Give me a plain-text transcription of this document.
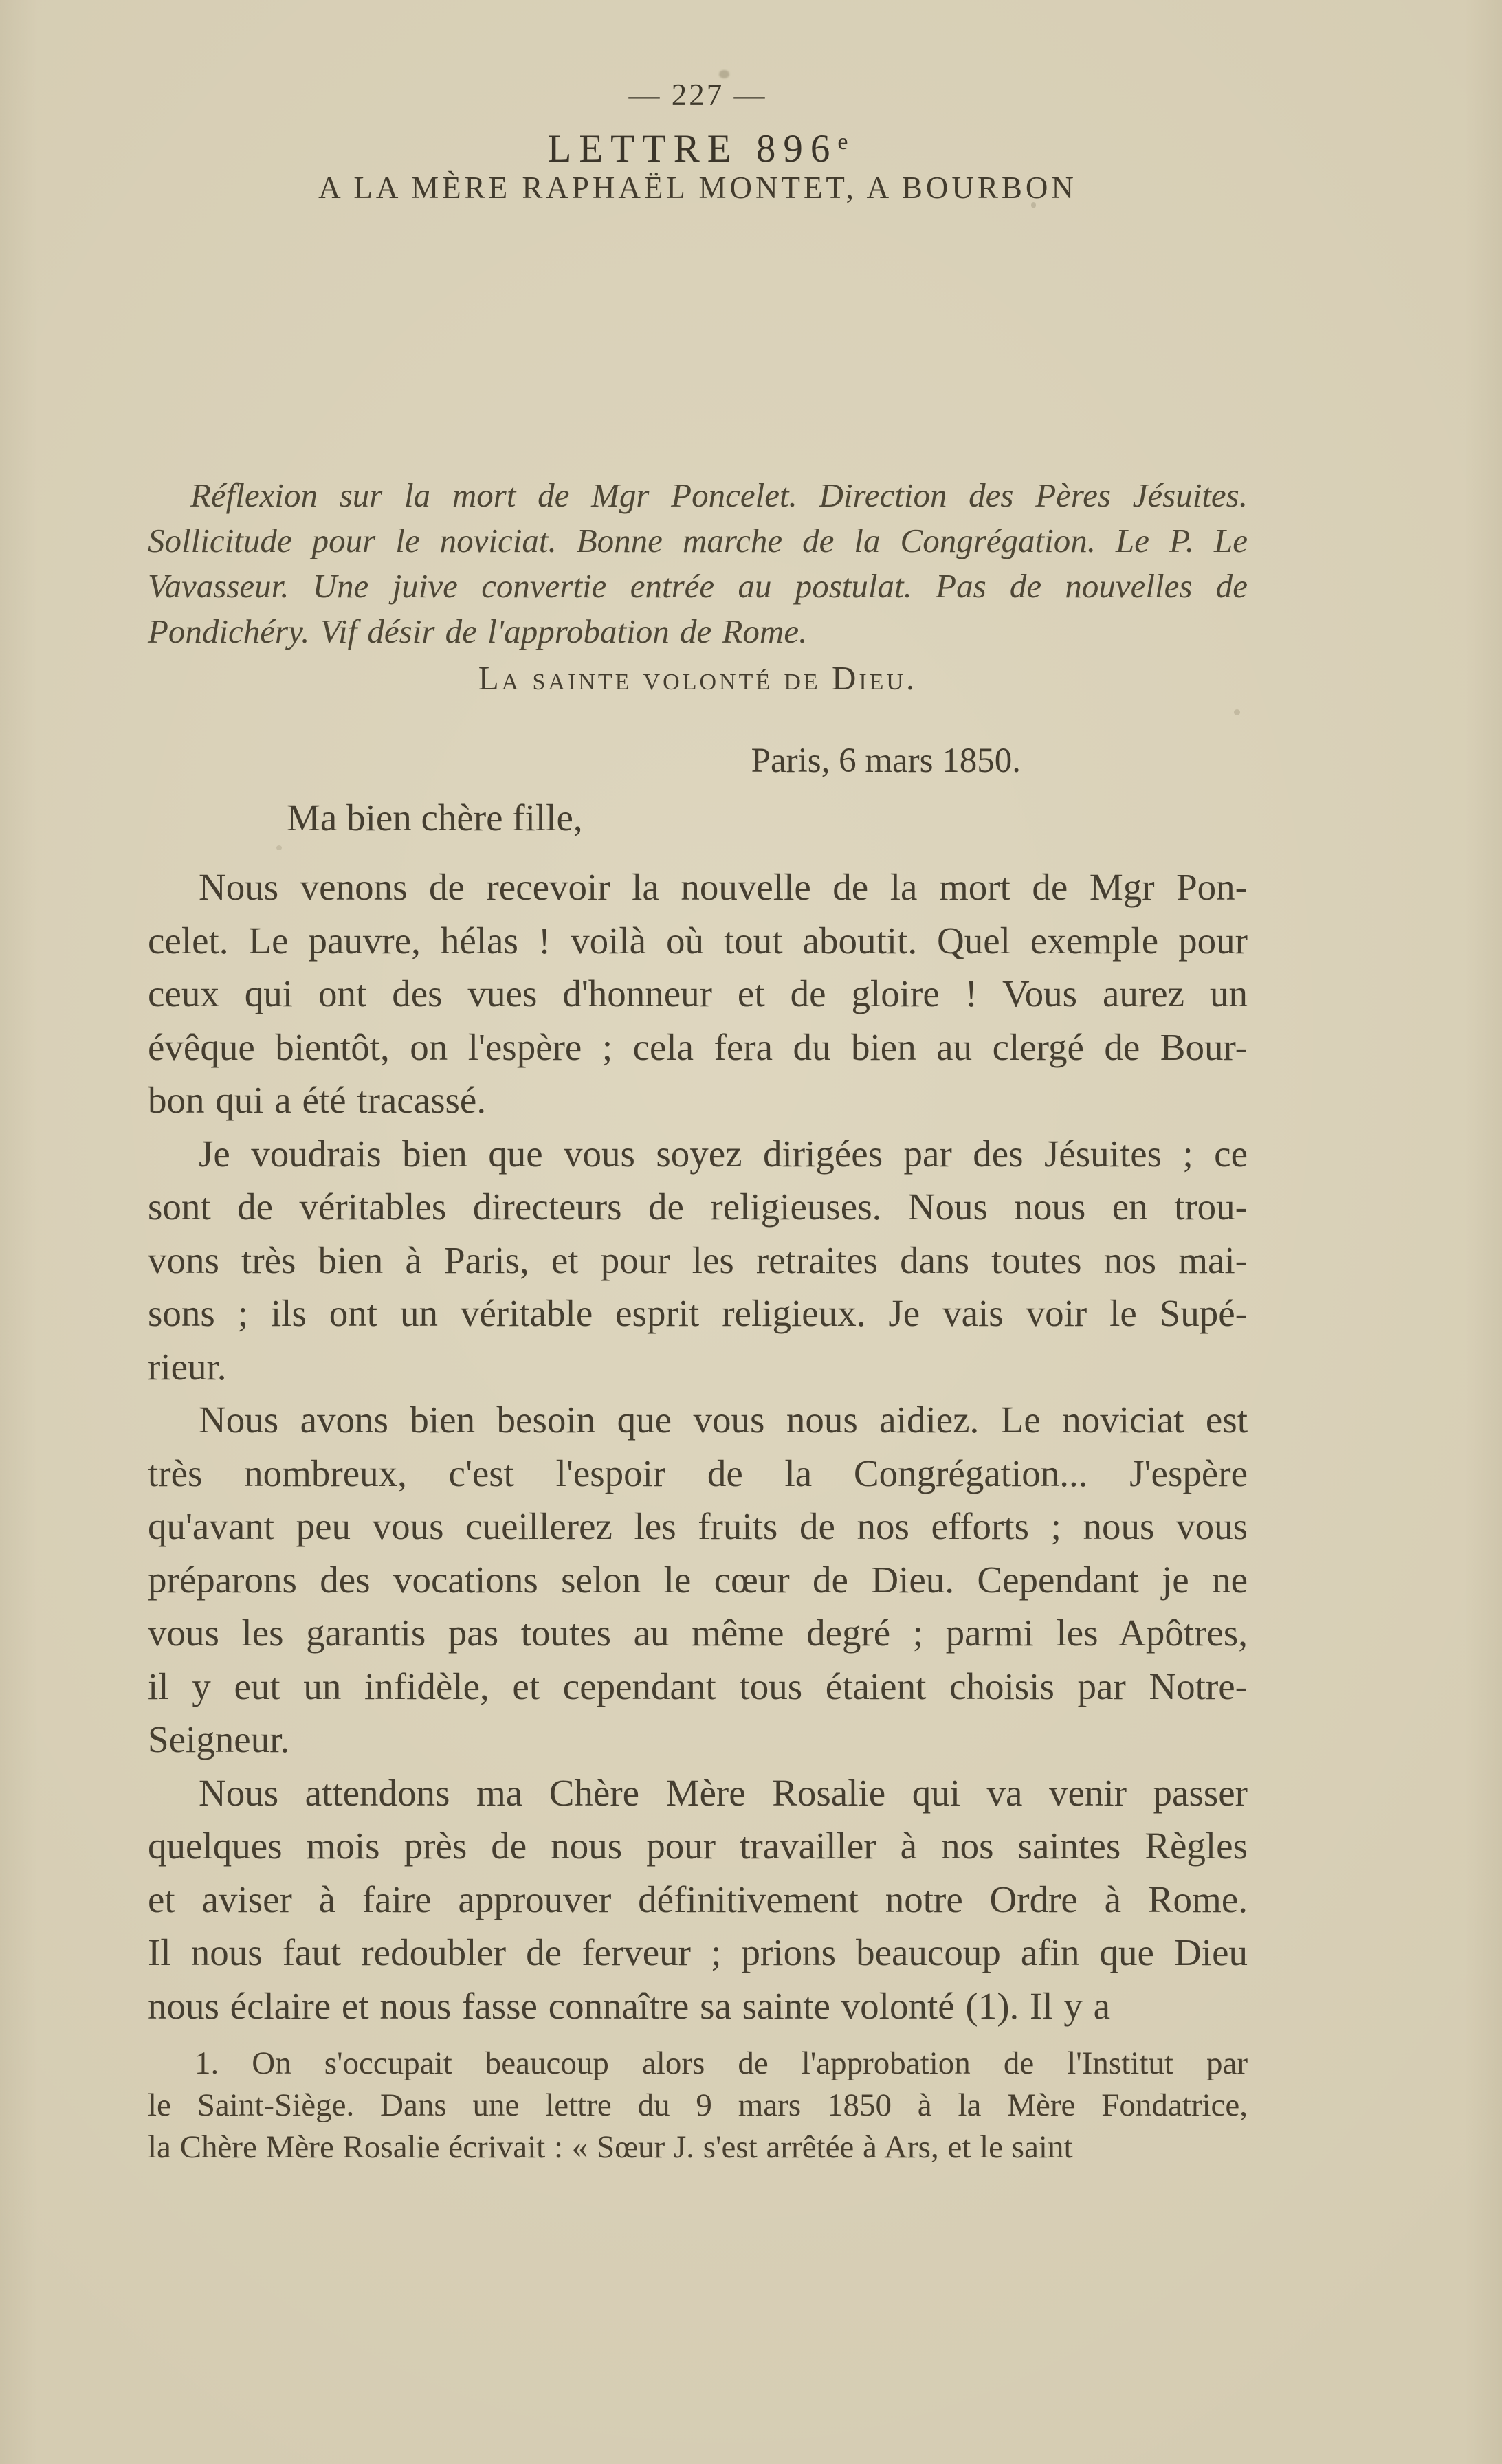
— 227 —
LETTRE 896e
A LA MÈRE RAPHAËL MONTET, A BOURBON
Réflexion sur la mort de Mgr Poncelet. Direction des Pères Jésuites.
Sollicitude pour le noviciat. Bonne marche de la Congrégation. Le P. Le
Vavasseur. Une juive convertie entrée au postulat. Pas de nouvelles de
Pondichéry. Vif désir de l'approbation de Rome.
La sainte volonté de Dieu.
Paris, 6 mars 1850.
Ma bien chère fille,
Nous venons de recevoir la nouvelle de la mort de Mgr Pon-
celet. Le pauvre, hélas ! voilà où tout aboutit. Quel exemple pour
ceux qui ont des vues d'honneur et de gloire ! Vous aurez un
évêque bientôt, on l'espère ; cela fera du bien au clergé de Bour-
bon qui a été tracassé.
Je voudrais bien que vous soyez dirigées par des Jésuites ; ce
sont de véritables directeurs de religieuses. Nous nous en trou-
vons très bien à Paris, et pour les retraites dans toutes nos mai-
sons ; ils ont un véritable esprit religieux. Je vais voir le Supé-
rieur.
Nous avons bien besoin que vous nous aidiez. Le noviciat est
très nombreux, c'est l'espoir de la Congrégation... J'espère
qu'avant peu vous cueillerez les fruits de nos efforts ; nous vous
préparons des vocations selon le cœur de Dieu. Cependant je ne
vous les garantis pas toutes au même degré ; parmi les Apôtres,
il y eut un infidèle, et cependant tous étaient choisis par Notre-
Seigneur.
Nous attendons ma Chère Mère Rosalie qui va venir passer
quelques mois près de nous pour travailler à nos saintes Règles
et aviser à faire approuver définitivement notre Ordre à Rome.
Il nous faut redoubler de ferveur ; prions beaucoup afin que Dieu
nous éclaire et nous fasse connaître sa sainte volonté (1). Il y a
1. On s'occupait beaucoup alors de l'approbation de l'Institut par
le Saint-Siège. Dans une lettre du 9 mars 1850 à la Mère Fondatrice,
la Chère Mère Rosalie écrivait : « Sœur J. s'est arrêtée à Ars, et le saint
